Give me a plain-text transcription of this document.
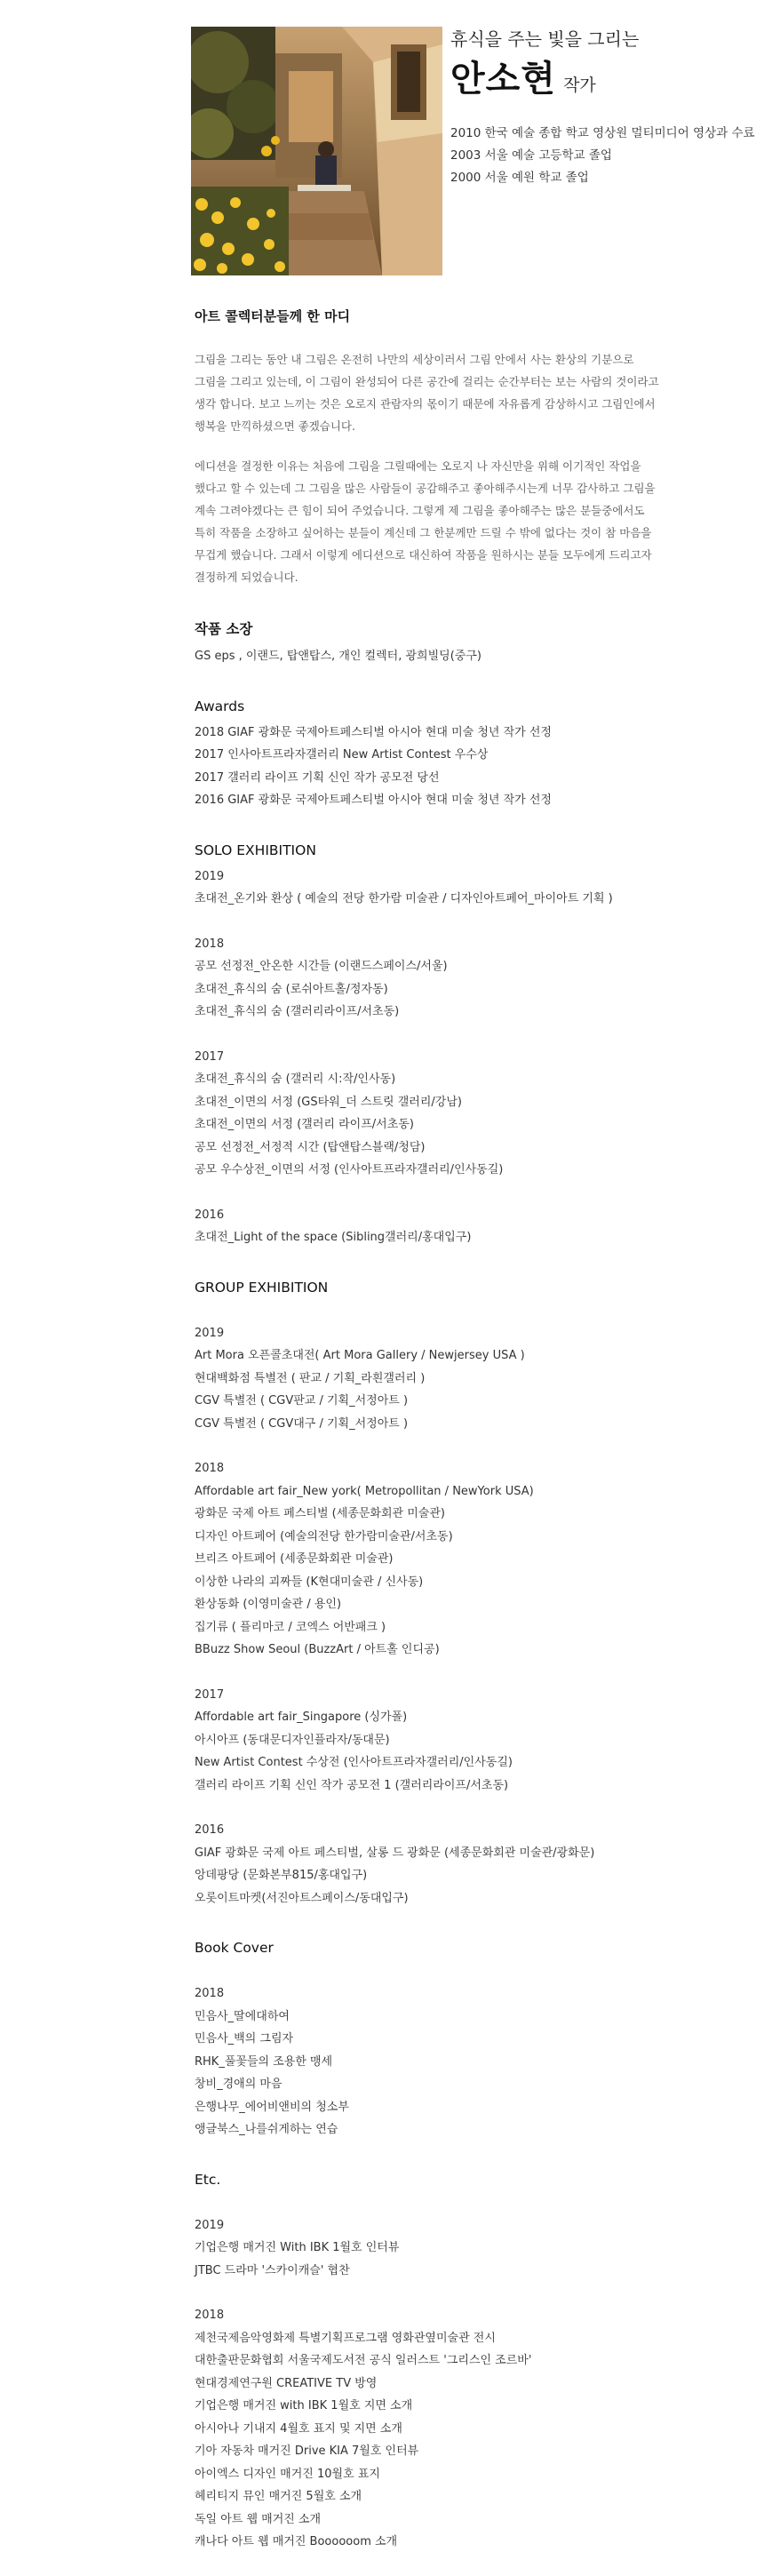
휴식을 주는 빛을 그리는

안소현 작가
2010 한국 예술 종합 학교 영상원 멀티미디어 영상과 수료
2003 서울 예술 고등학교 졸업
2000 서울 예원 학교 졸업

아트 콜렉터분들께 한 마디

그림을 그리는 동안 내 그림은 온전히 나만의 세상이러서 그림 안에서 사는 환상의 기분으로
그림을 그리고 있는데, 이 그림이 완성되어 다른 공간에 걸리는 순간부터는 보는 사람의 것이라고
생각 합니다. 보고 느끼는 것은 오로지 관람자의 몫이기 때문에 자유롭게 감상하시고 그림인에서
행복을 만끽하셨으면 좋겠습니다.
에디션을 결정한 이유는 처음에 그림을 그릴때에는 오로지 나 자신만을 위해 이기적인 작업을
했다고 할 수 있는데 그 그림을 많은 사람들이 공감해주고 좋아해주시는게 너무 감사하고 그림을
계속 그려야겠다는 큰 힘이 되어 주었습니다. 그렇게 제 그림을 좋아해주는 많은 분들중에서도
특히 작품을 소장하고 싶어하는 분들이 계신데 그 한분께만 드릴 수 밖에 없다는 것이 참 마음을
무겁게 했습니다. 그래서 이렇게 에디션으로 대신하여 작품을 원하시는 분들 모두에게 드리고자
결정하게 되었습니다.
작품 소장
GS eps , 이랜드, 탑앤탑스, 개인 컬렉터, 광희빌딩(중구)
Awards
2018 GIAF 광화문 국제아트페스티벌 아시아 현대 미술 청년 작가 선정
2017 인사아트프라자갤러리 New Artist Contest 우수상
2017 갤러리 라이프 기획 신인 작가 공모전 당선
2016 GIAF 광화문 국제아트페스티벌 아시아 현대 미술 청년 작가 선정
SOLO EXHIBITION
2019
초대전_온기와 환상 ( 예술의 전당 한가람 미술관 / 디자인아트페어_마이아트 기획 )
2018
공모 선정전_안온한 시간들 (이랜드스페이스/서울)
초대전_휴식의 숨 (로쉬아트홀/정자동)
초대전_휴식의 숨 (갤러리라이프/서초동)
2017
초대전_휴식의 숨 (갤러리 시:작/인사동)
초대전_이면의 서정 (GS타워_더 스트릿 갤러리/강남)
초대전_이면의 서정 (갤러리 라이프/서초동)
공모 선정전_서정적 시간 (탑앤탑스블랙/청담)
공모 우수상전_이면의 서정 (인사아트프라자갤러리/인사동길)
2016
초대전_Light of the space (Sibling갤러리/홍대입구)
GROUP EXHIBITION
2019
Art Mora 오픈콜초대전( Art Mora Gallery / Newjersey USA )
현대백화점 특별전 ( 판교 / 기획_라흰갤러리 )
CGV 특별전 ( CGV판교 / 기획_서정아트 )
CGV 특별전 ( CGV대구 / 기획_서정아트 )
2018
Affordable art fair_New york( Metropollitan / NewYork USA)
광화문 국제 아트 페스티벌 (세종문화회관 미술관)
디자인 아트페어 (예술의전당 한가람미술관/서초동)
브리즈 아트페어 (세종문화회관 미술관)
이상한 나라의 괴짜들 (K현대미술관 / 신사동)
환상동화 (이영미술관 / 용인)
집기류 ( 플리마코 / 코엑스 어반패크 )
BBuzz Show Seoul (BuzzArt / 아트홀 인디공)
2017
Affordable art fair_Singapore (싱가폴)
아시아프 (동대문디자인플라자/동대문)
New Artist Contest 수상전 (인사아트프라자갤러리/인사동길)
갤러리 라이프 기획 신인 작가 공모전 1 (갤러리라이프/서초동)
2016
GIAF 광화문 국제 아트 페스티벌, 살롱 드 광화문 (세종문화회관 미술관/광화문)
앙데팡당 (문화본부815/홍대입구)
오롯이트마켓(서진아트스페이스/동대입구)
Book Cover
2018
민음사_딸에대하여
민음사_백의 그림자
RHK_풀꽃들의 조용한 맹세
창비_경애의 마음
은행나무_에어비앤비의 청소부
앵글북스_나를쉬게하는 연습
Etc.
2019
기업은행 매거진 With IBK 1월호 인터뷰
JTBC 드라마 '스카이캐슬' 협찬
2018
제천국제음악영화제 특별기획프로그램 영화관옆미술관 전시
대한출판문화협회 서울국제도서전 공식 일러스트 '그리스인 조르바'
현대경제연구원 CREATIVE TV 방영
기업은행 매거진 with IBK 1월호 지면 소개
아시아나 기내지 4월호 표지 및 지면 소개
기아 자동차 매거진 Drive KIA 7월호 인터뷰
아이엑스 디자인 매거진 10월호 표지
헤리티지 뮤인 매거진 5월호 소개
독일 아트 웹 매거진 소개
캐나다 아트 웹 매거진 Boooooom 소개
